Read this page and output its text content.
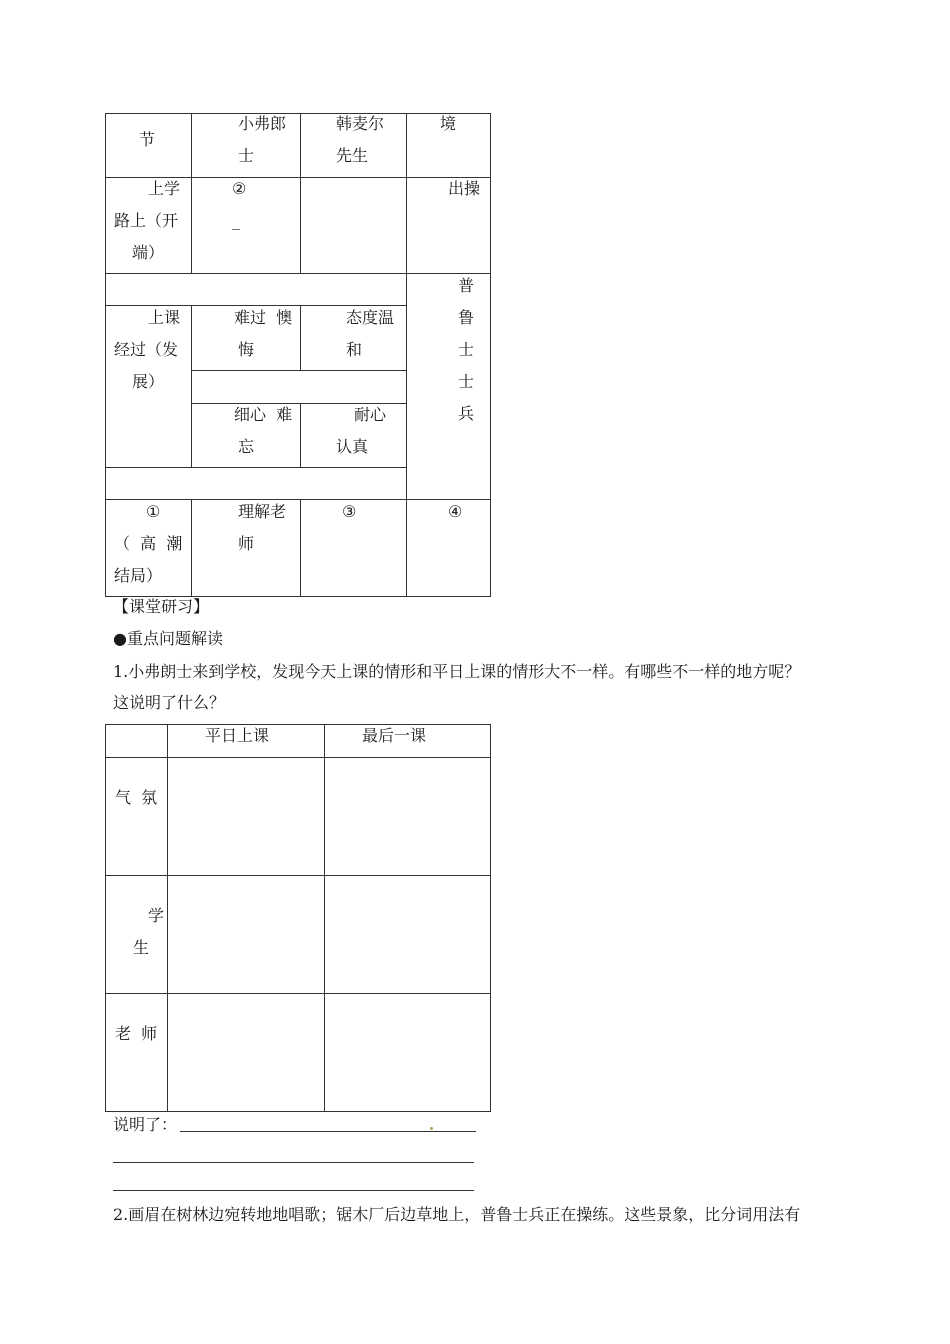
节
小弗郎
士
韩麦尔
先生
境
上学
路上（开
端）
②
_
出操
上课
经过（发
展）
难过  懊
悔
态度温
和
细心  难
忘
耐心
认真
普
鲁
士
士
兵
①
（  高  潮
结局）
理解老
师
③	④
【课堂研习】
●重点问题解读
1.小弗朗士来到学校，发现今天上课的情形和平日上课的情形大不一样。有哪些不一样的地方呢？
这说明了什么？
平日上课	最后一课
气  氛
学
生
老  师
说明了：
2.画眉在树林边宛转地地唱歌；锯木厂后边草地上，普鲁士兵正在操练。这些景象，比分词用法有
